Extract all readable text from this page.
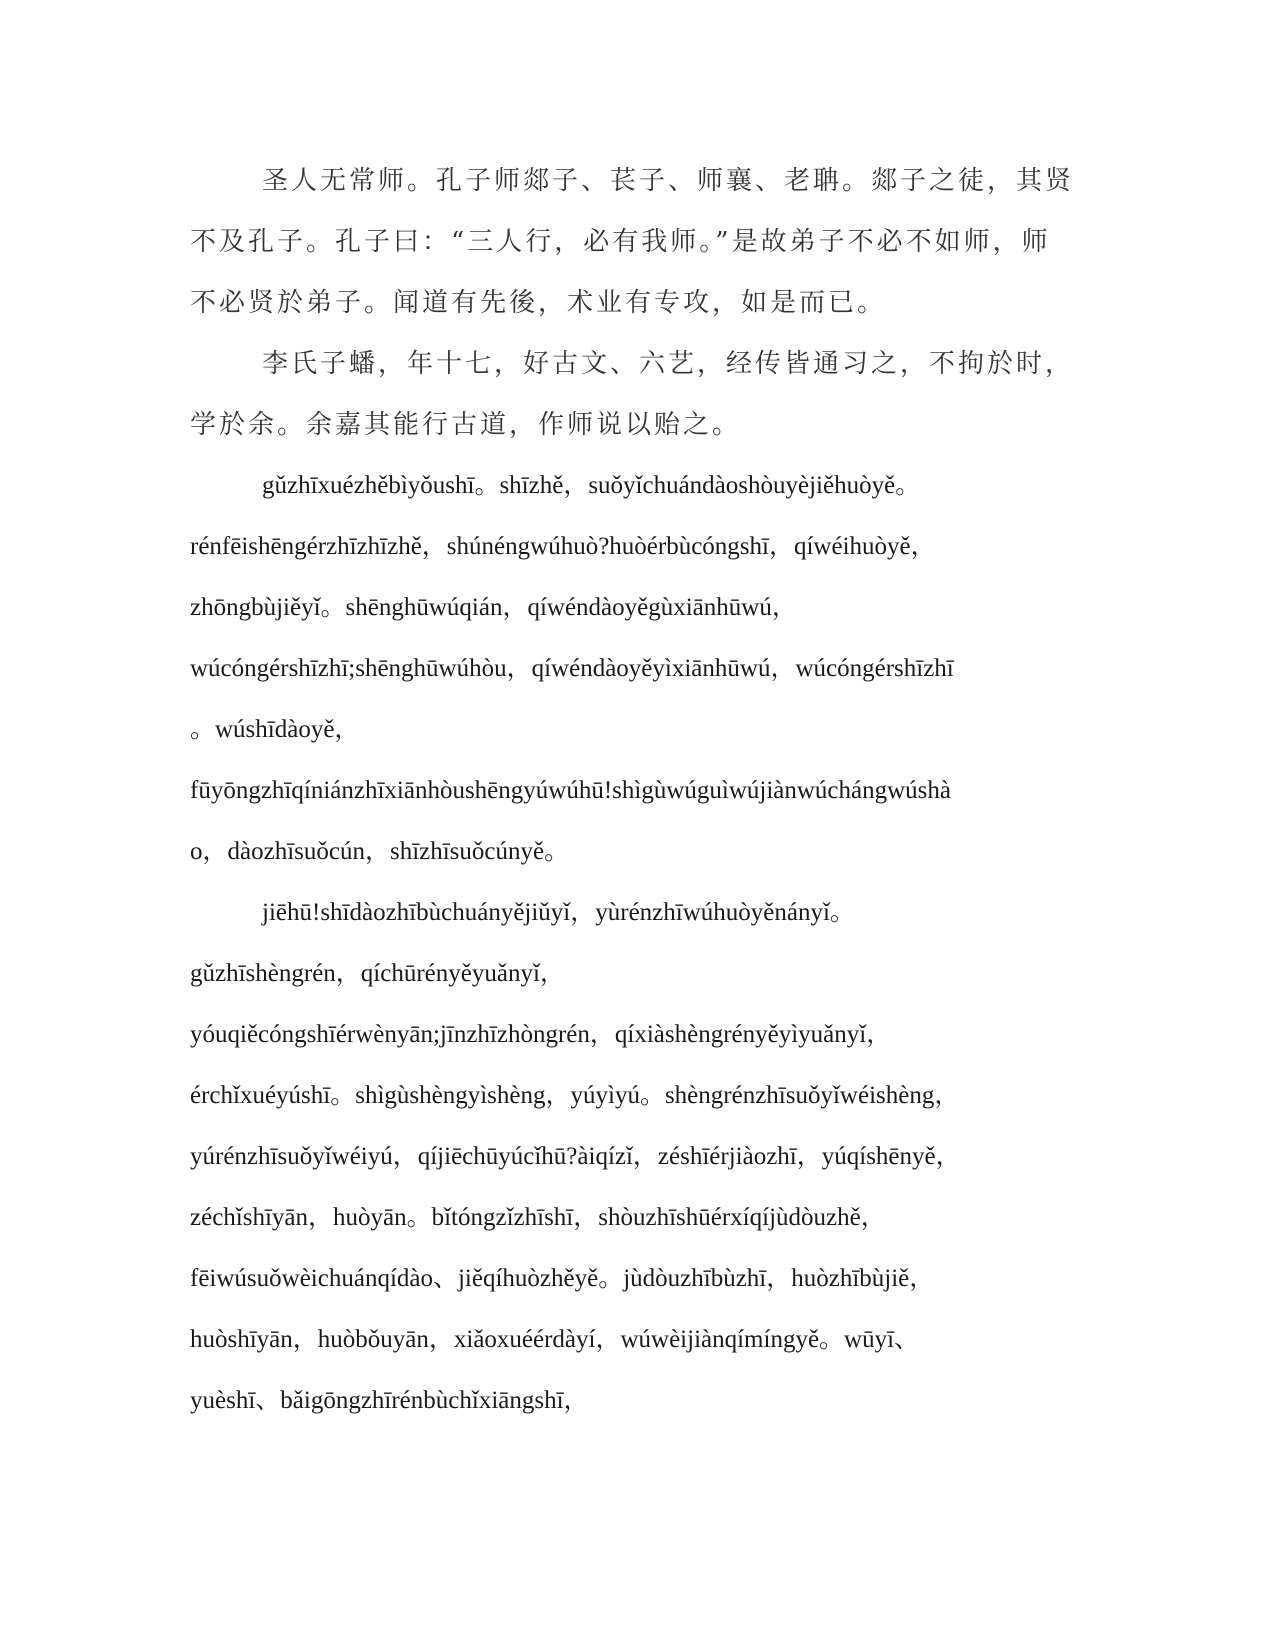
圣人无常师。孔子师郯子、苌子、师襄、老聃。郯子之徒，其贤
不及孔子。孔子曰：“三人行，必有我师。”是故弟子不必不如师，师
不必贤於弟子。闻道有先後，术业有专攻，如是而已。
李氏子蟠，年十七，好古文、六艺，经传皆通习之，不拘於时，
学於余。余嘉其能行古道，作师说以贻之。
gǔzhīxuézhěbìyǒushī。shīzhě，suǒyǐchuándàoshòuyèjiěhuòyě。
rénfēishēngérzhīzhīzhě，shúnéngwúhuò?huòérbùcóngshī，qíwéihuòyě，
zhōngbùjiěyǐ。shēnghūwúqián，qíwéndàoyěgùxiānhūwú，
wúcóngérshīzhī;shēnghūwúhòu，qíwéndàoyěyìxiānhūwú，wúcóngérshīzhī
。wúshīdàoyě，
fūyōngzhīqíniánzhīxiānhòushēngyúwúhū!shìgùwúguìwújiànwúchángwúshà
o，dàozhīsuǒcún，shīzhīsuǒcúnyě。
jiēhū!shīdàozhībùchuányějiǔyǐ，yùrénzhīwúhuòyěnányǐ。
gǔzhīshèngrén，qíchūrényěyuǎnyǐ，
yóuqiěcóngshīérwènyān;jīnzhīzhòngrén，qíxiàshèngrényěyìyuǎnyǐ，
érchǐxuéyúshī。shìgùshèngyìshèng，yúyìyú。shèngrénzhīsuǒyǐwéishèng，
yúrénzhīsuǒyǐwéiyú，qíjiēchūyúcǐhū?àiqízǐ，zéshīérjiàozhī，yúqíshēnyě，
zéchǐshīyān，huòyān。bǐtóngzǐzhīshī，shòuzhīshūérxíqíjùdòuzhě，
fēiwúsuǒwèichuánqídào、jiěqíhuòzhěyě。jùdòuzhībùzhī，huòzhībùjiě，
huòshīyān，huòbǒuyān，xiǎoxuéérdàyí，wúwèijiànqímíngyě。wūyī、
yuèshī、bǎigōngzhīrénbùchǐxiāngshī，
